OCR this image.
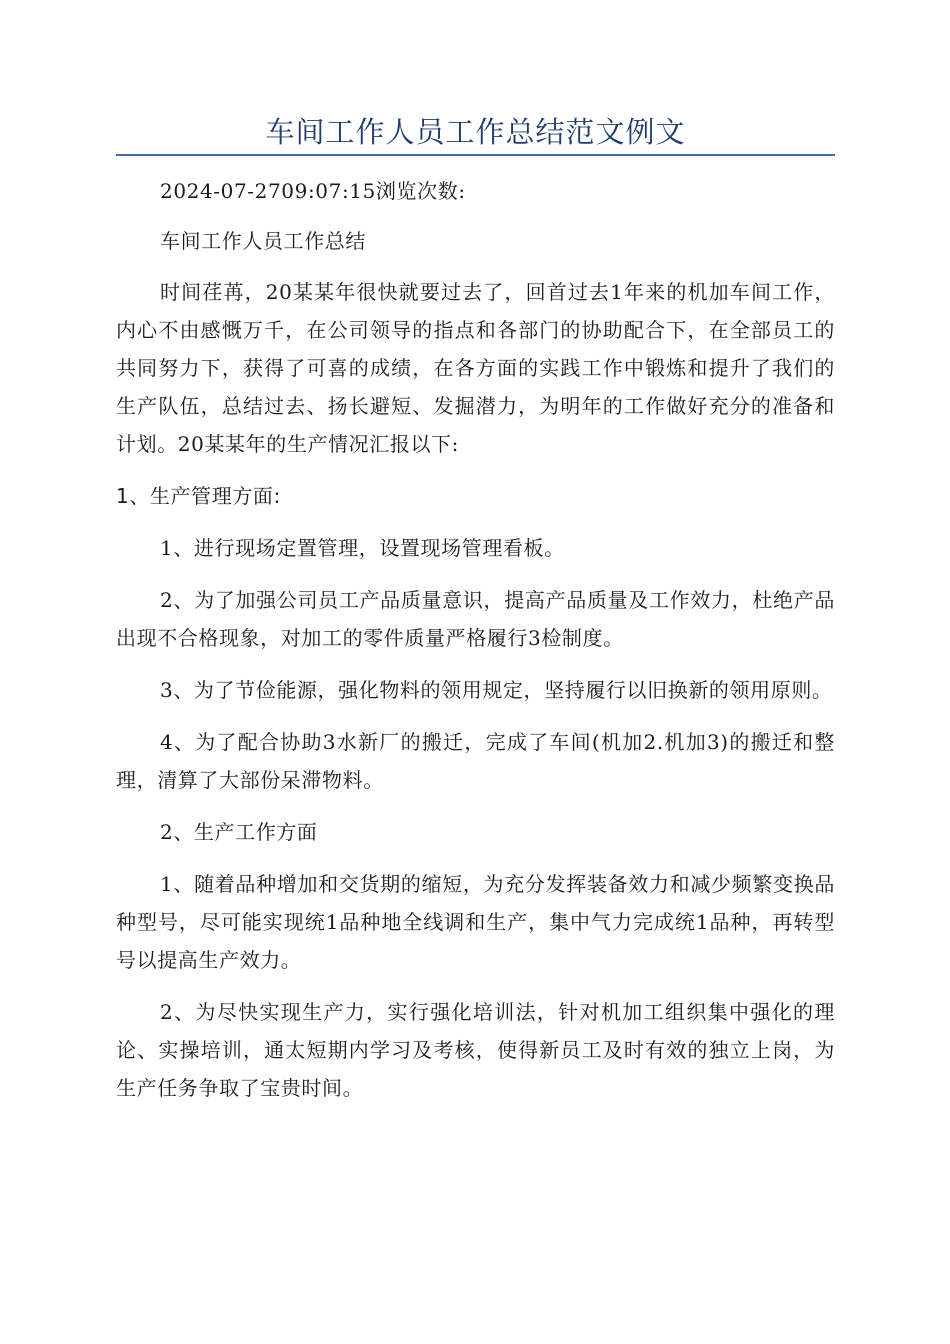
车间工作人员工作总结范文例文

2024-07-2709:07:15浏览次数:

车间工作人员工作总结

时间荏苒，20某某年很快就要过去了，回首过去1年来的机加车间工作，内心不由感慨万千，在公司领导的指点和各部门的协助配合下，在全部员工的共同努力下，获得了可喜的成绩，在各方面的实践工作中锻炼和提升了我们的生产队伍，总结过去、扬长避短、发掘潜力，为明年的工作做好充分的准备和计划。20某某年的生产情况汇报以下:

1、生产管理方面:

1、进行现场定置管理，设置现场管理看板。

2、为了加强公司员工产品质量意识，提高产品质量及工作效力，杜绝产品出现不合格现象，对加工的零件质量严格履行3检制度。

3、为了节俭能源，强化物料的领用规定，坚持履行以旧换新的领用原则。

4、为了配合协助3水新厂的搬迁，完成了车间(机加2.机加3)的搬迁和整理，清算了大部份呆滞物料。

2、生产工作方面

1、随着品种增加和交货期的缩短，为充分发挥装备效力和减少频繁变换品种型号，尽可能实现统1品种地全线调和生产，集中气力完成统1品种，再转型号以提高生产效力。

2、为尽快实现生产力，实行强化培训法，针对机加工组织集中强化的理论、实操培训，通太短期内学习及考核，使得新员工及时有效的独立上岗，为生产任务争取了宝贵时间。
